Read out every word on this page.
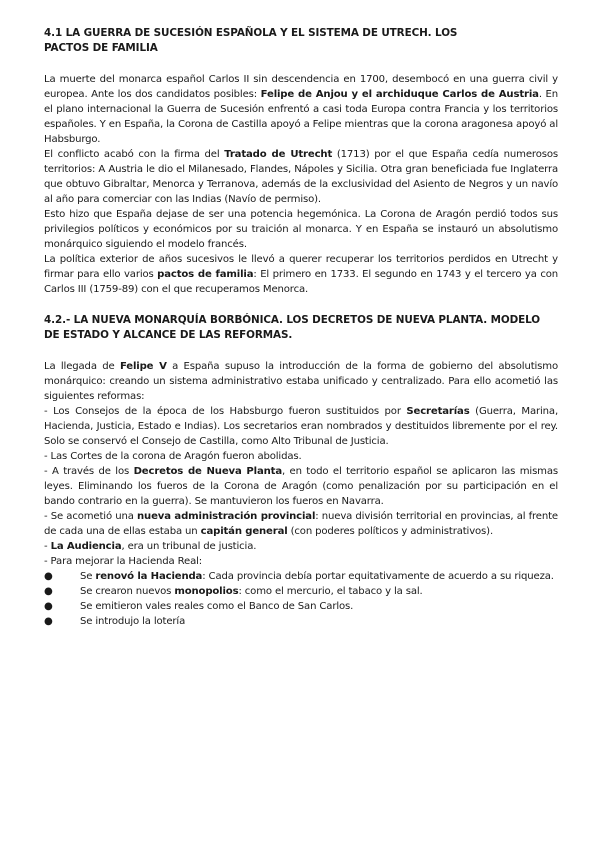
4.1 LA GUERRA DE SUCESIÓN ESPAÑOLA Y EL SISTEMA DE UTRECH. LOS
PACTOS DE FAMILIA

La muerte del monarca español Carlos II sin descendencia en 1700, desembocó en una guerra civil y europea. Ante los dos candidatos posibles: Felipe de Anjou y el archiduque Carlos de Austria. En el plano internacional la Guerra de Sucesión enfrentó a casi toda Europa contra Francia y los territorios españoles. Y en España, la Corona de Castilla apoyó a Felipe mientras que la corona aragonesa apoyó al Habsburgo.

El conflicto acabó con la firma del Tratado de Utrecht (1713) por el que España cedía numerosos territorios: A Austria le dio el Milanesado, Flandes, Nápoles y Sicilia. Otra gran beneficiada fue Inglaterra que obtuvo Gibraltar, Menorca y Terranova, además de la exclusividad del Asiento de Negros y un navío al año para comerciar con las Indias (Navío de permiso).

Esto hizo que España dejase de ser una potencia hegemónica. La Corona de Aragón perdió todos sus privilegios políticos y económicos por su traición al monarca. Y en España se instauró un absolutismo monárquico siguiendo el modelo francés.

La política exterior de años sucesivos le llevó a querer recuperar los territorios perdidos en Utrecht y firmar para ello varios pactos de familia: El primero en 1733. El segundo en 1743 y el tercero ya con Carlos III (1759-89) con el que recuperamos Menorca.

4.2.- LA NUEVA MONARQUÍA BORBÓNICA. LOS DECRETOS DE NUEVA PLANTA. MODELO DE ESTADO Y ALCANCE DE LAS REFORMAS.

La llegada de Felipe V a España supuso la introducción de la forma de gobierno del absolutismo monárquico: creando un sistema administrativo estaba unificado y centralizado. Para ello acometió las siguientes reformas:

- Los Consejos de la época de los Habsburgo fueron sustituidos por Secretarías (Guerra, Marina, Hacienda, Justicia, Estado e Indias). Los secretarios eran nombrados y destituidos libremente por el rey. Solo se conservó el Consejo de Castilla, como Alto Tribunal de Justicia.

- Las Cortes de la corona de Aragón fueron abolidas.

- A través de los Decretos de Nueva Planta, en todo el territorio español se aplicaron las mismas leyes. Eliminando los fueros de la Corona de Aragón (como penalización por su participación en el bando contrario en la guerra). Se mantuvieron los fueros en Navarra.

- Se acometió una nueva administración provincial: nueva división territorial en provincias, al frente de cada una de ellas estaba un capitán general (con poderes políticos y administrativos).

- La Audiencia, era un tribunal de justicia.

- Para mejorar la Hacienda Real:

●	Se renovó la Hacienda: Cada provincia debía portar equitativamente de acuerdo a su riqueza.
●	Se crearon nuevos monopolios: como el mercurio, el tabaco y la sal.
●	Se emitieron vales reales como el Banco de San Carlos.
●	Se introdujo la lotería
